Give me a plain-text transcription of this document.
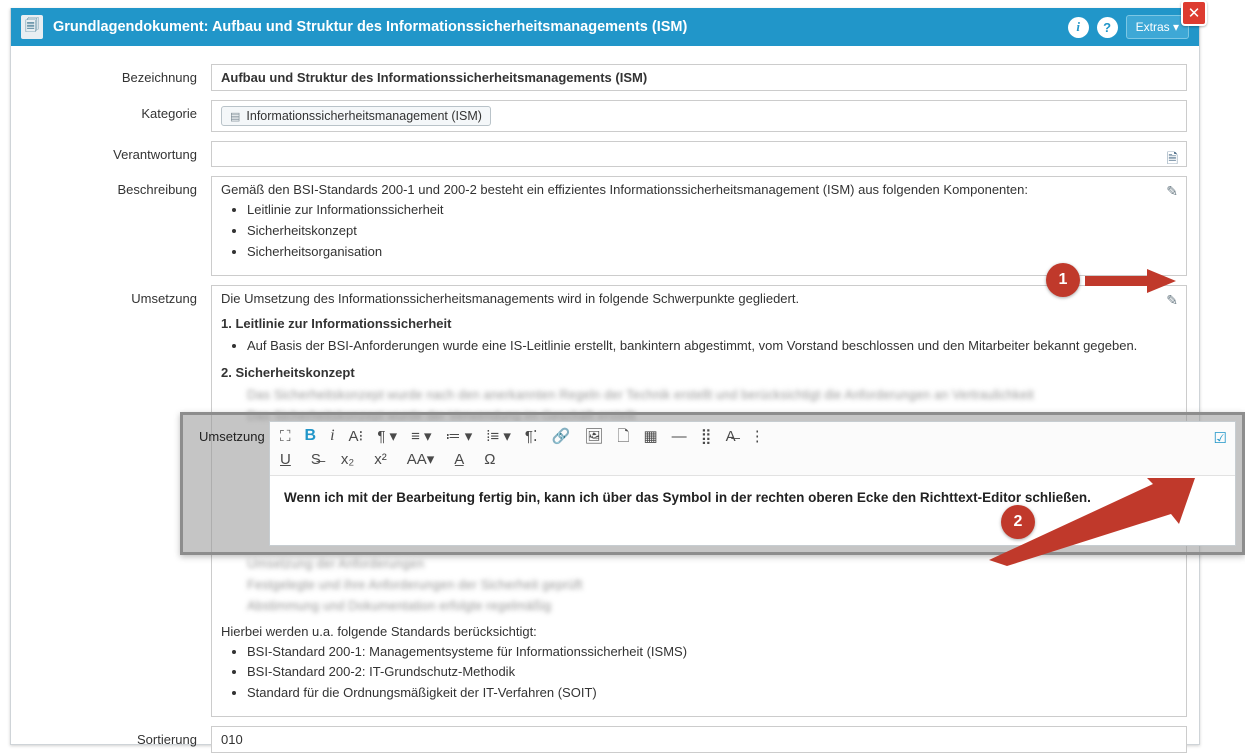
🗐 Grundlagendokument: Aufbau und Struktur des Informationssicherheitsmanagements (ISM)	i	?	Extras ▾
✕
Bezeichnung	Aufbau und Struktur des Informationssicherheitsmanagements (ISM)
Kategorie	▤ Informationssicherheitsmanagement (ISM)
Verantwortung	🗎
Beschreibung	Gemäß den BSI-Standards 200-1 und 200-2 besteht ein effizientes Informationssicherheitsmanagement (ISM) aus folgenden Komponenten:

• Leitlinie zur Informationssicherheit
• Sicherheitskonzept
• Sicherheitsorganisation
✎
Umsetzung	Die Umsetzung des Informationssicherheitsmanagements wird in folgende Schwerpunkte gegliedert.

1. Leitlinie zur Informationssicherheit
• Auf Basis der BSI-Anforderungen wurde eine IS-Leitlinie erstellt, bankintern abgestimmt, vom Vorstand beschlossen und den Mitarbeiter bekannt gegeben.
2. Sicherheitskonzept
• Das Sicherheitskonzept wurde nach den anerkannten Regeln der Technik erstellt und berücksichtigt die Anforderungen an Vertraulichkeit
•
• Umsetzung der Anforderungen
• Festgelegte und ihre Anforderungen der Sicherheit geprüft
• Abstimmung und Dokumentation erfolgte regelmäßig

Hierbei werden u.a. folgende Standards berücksichtigt:

• BSI-Standard 200-1: Managementsysteme für Informationssicherheit (ISMS)
• BSI-Standard 200-2: IT-Grundschutz-Methodik
• Standard für die Ordnungsmäßigkeit der IT-Verfahren (SOIT)
✎
Sortierung	010
Umsetzung ⛶ B i A⁝ ¶ ▾ ≡ ▾ ≔ ▾ ⁞≡ ▾ ¶⁚ 🔗 🖼 🗋 ▦ — ⣿ A̶ ⋮
U S̶ x₂ x² AA▾ A̲ Ω
☑
Wenn ich mit der Bearbeitung fertig bin, kann ich über das Symbol in der rechten oberen Ecke den Richttext-Editor schließen.
1
2
